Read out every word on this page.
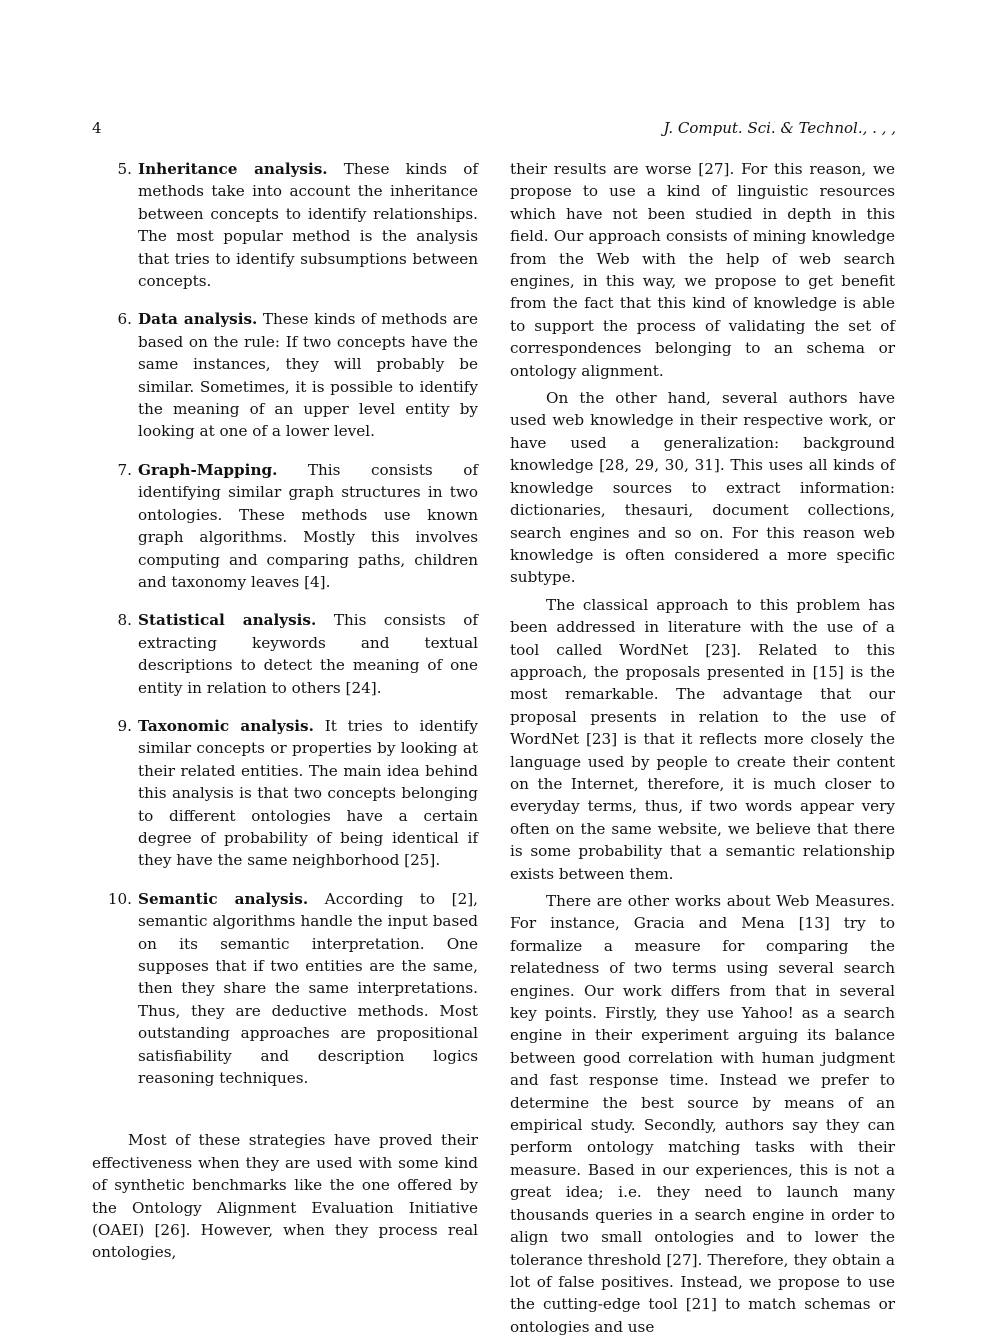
4	J. Comput. Sci. & Technol., . , ,
5. Inheritance analysis. These kinds of methods take into account the inheritance between concepts to identify relationships. The most popular method is the analysis that tries to identify subsumptions between concepts.

6. Data analysis. These kinds of methods are based on the rule: If two concepts have the same instances, they will probably be similar. Sometimes, it is possible to identify the meaning of an upper level entity by looking at one of a lower level.

7. Graph-Mapping. This consists of identifying similar graph structures in two ontologies. These methods use known graph algorithms. Mostly this involves computing and comparing paths, children and taxonomy leaves [4].

8. Statistical analysis. This consists of extracting keywords and textual descriptions to detect the meaning of one entity in relation to others [24].

9. Taxonomic analysis. It tries to identify similar concepts or properties by looking at their related entities. The main idea behind this analysis is that two concepts belonging to different ontologies have a certain degree of probability of being identical if they have the same neighborhood [25].

10. Semantic analysis. According to [2], semantic algorithms handle the input based on its semantic interpretation. One supposes that if two entities are the same, then they share the same interpretations. Thus, they are deductive methods. Most outstanding approaches are propositional satisfiability and description logics reasoning techniques.

Most of these strategies have proved their effectiveness when they are used with some kind of synthetic benchmarks like the one offered by the Ontology Alignment Evaluation Initiative (OAEI) [26]. However, when they process real ontologies,

their results are worse [27]. For this reason, we propose to use a kind of linguistic resources which have not been studied in depth in this field. Our approach consists of mining knowledge from the Web with the help of web search engines, in this way, we propose to get benefit from the fact that this kind of knowledge is able to support the process of validating the set of correspondences belonging to an schema or ontology alignment.

On the other hand, several authors have used web knowledge in their respective work, or have used a generalization: background knowledge [28, 29, 30, 31]. This uses all kinds of knowledge sources to extract information: dictionaries, thesauri, document collections, search engines and so on. For this reason web knowledge is often considered a more specific subtype.

The classical approach to this problem has been addressed in literature with the use of a tool called WordNet [23]. Related to this approach, the proposals presented in [15] is the most remarkable. The advantage that our proposal presents in relation to the use of WordNet [23] is that it reflects more closely the language used by people to create their content on the Internet, therefore, it is much closer to everyday terms, thus, if two words appear very often on the same website, we believe that there is some probability that a semantic relationship exists between them.

There are other works about Web Measures. For instance, Gracia and Mena [13] try to formalize a measure for comparing the relatedness of two terms using several search engines. Our work differs from that in several key points. Firstly, they use Yahoo! as a search engine in their experiment arguing its balance between good correlation with human judgment and fast response time. Instead we prefer to determine the best source by means of an empirical study. Secondly, authors say they can perform ontology matching tasks with their measure. Based in our experiences, this is not a great idea; i.e. they need to launch many thousands queries in a search engine in order to align two small ontologies and to lower the tolerance threshold [27]. Therefore, they obtain a lot of false positives. Instead, we propose to use the cutting-edge tool [21] to match schemas or ontologies and use
